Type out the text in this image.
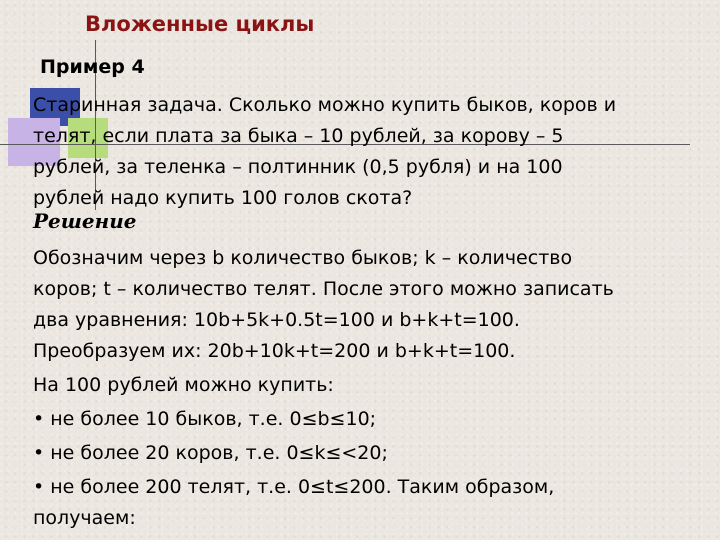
Вложенные циклы
Пример 4
Старинная задача. Сколько можно купить быков, коров и
телят, если плата за быка – 10 рублей, за корову – 5
рублей, за теленка – полтинник (0,5 рубля) и на 100
рублей надо купить 100 голов скота?
Решение
Обозначим через b количество быков; k – количество
коров; t – количество телят. После этого можно записать
два уравнения: 10b+5k+0.5t=100 и b+k+t=100.
Преобразуем их: 20b+10k+t=200 и b+k+t=100.
На 100 рублей можно купить:
• не более 10 быков, т.е. 0≤b≤10;
• не более 20 коров, т.е. 0≤k≤<20;
• не более 200 телят, т.е. 0≤t≤200. Таким образом,
получаем:
